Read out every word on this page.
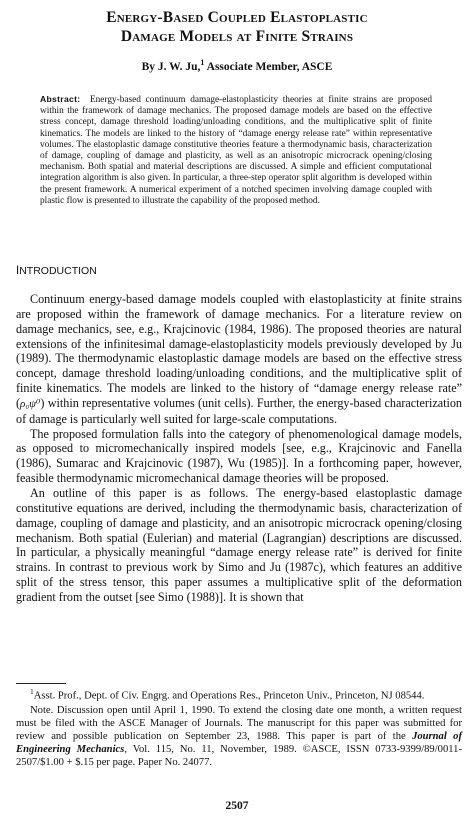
Energy-Based Coupled Elastoplastic
Damage Models at Finite Strains
By J. W. Ju,$^1$ Associate Member, ASCE
Abstract: Energy-based continuum damage-elastoplasticity theories at finite strains are proposed within the framework of damage mechanics. The proposed damage models are based on the effective stress concept, damage threshold loading/unloading conditions, and the multiplicative split of finite kinematics. The models are linked to the history of “damage energy release rate” within representative volumes. The elastoplastic damage constitutive theories feature a thermodynamic basis, characterization of damage, coupling of damage and plasticity, as well as an anisotropic microcrack opening/closing mechanism. Both spatial and material descriptions are discussed. A simple and efficient computational integration algorithm is also given. In particular, a three-step operator split algorithm is developed within the present framework. A numerical experiment of a notched specimen involving damage coupled with plastic flow is presented to illustrate the capability of the proposed method.
INTRODUCTION

Continuum energy-based damage models coupled with elastoplasticity at finite strains are proposed within the framework of damage mechanics. For a literature review on damage mechanics, see, e.g., Krajcinovic (1984, 1986). The proposed theories are natural extensions of the infinitesimal damage-elastoplasticity models previously developed by Ju (1989). The thermodynamic elastoplastic damage models are based on the effective stress concept, damage threshold loading/unloading conditions, and the multiplicative split of finite kinematics. The models are linked to the history of “damage energy release rate” (ρ₀ψ⁰) within representative volumes (unit cells). Further, the energy-based characterization of damage is particularly well suited for large-scale computations.

The proposed formulation falls into the category of phenomenological damage models, as opposed to micromechanically inspired models [see, e.g., Krajcinovic and Fanella (1986), Sumarac and Krajcinovic (1987), Wu (1985)]. In a forthcoming paper, however, feasible thermodynamic micromechanical damage theories will be proposed.

An outline of this paper is as follows. The energy-based elastoplastic damage constitutive equations are derived, including the thermodynamic basis, characterization of damage, coupling of damage and plasticity, and an anisotropic microcrack opening/closing mechanism. Both spatial (Eulerian) and material (Lagrangian) descriptions are discussed. In particular, a physically meaningful “damage energy release rate” is derived for finite strains. In contrast to previous work by Simo and Ju (1987c), which features an additive split of the stress tensor, this paper assumes a multiplicative split of the deformation gradient from the outset [see Simo (1988)]. It is shown that

$^1$Asst. Prof., Dept. of Civ. Engrg. and Operations Res., Princeton Univ., Princeton, NJ 08544.

Note. Discussion open until April 1, 1990. To extend the closing date one month, a written request must be filed with the ASCE Manager of Journals. The manuscript for this paper was submitted for review and possible publication on September 23, 1988. This paper is part of the Journal of Engineering Mechanics, Vol. 115, No. 11, November, 1989. ©ASCE, ISSN 0733-9399/89/0011-2507/$1.00 + $.15 per page. Paper No. 24077.

2507
